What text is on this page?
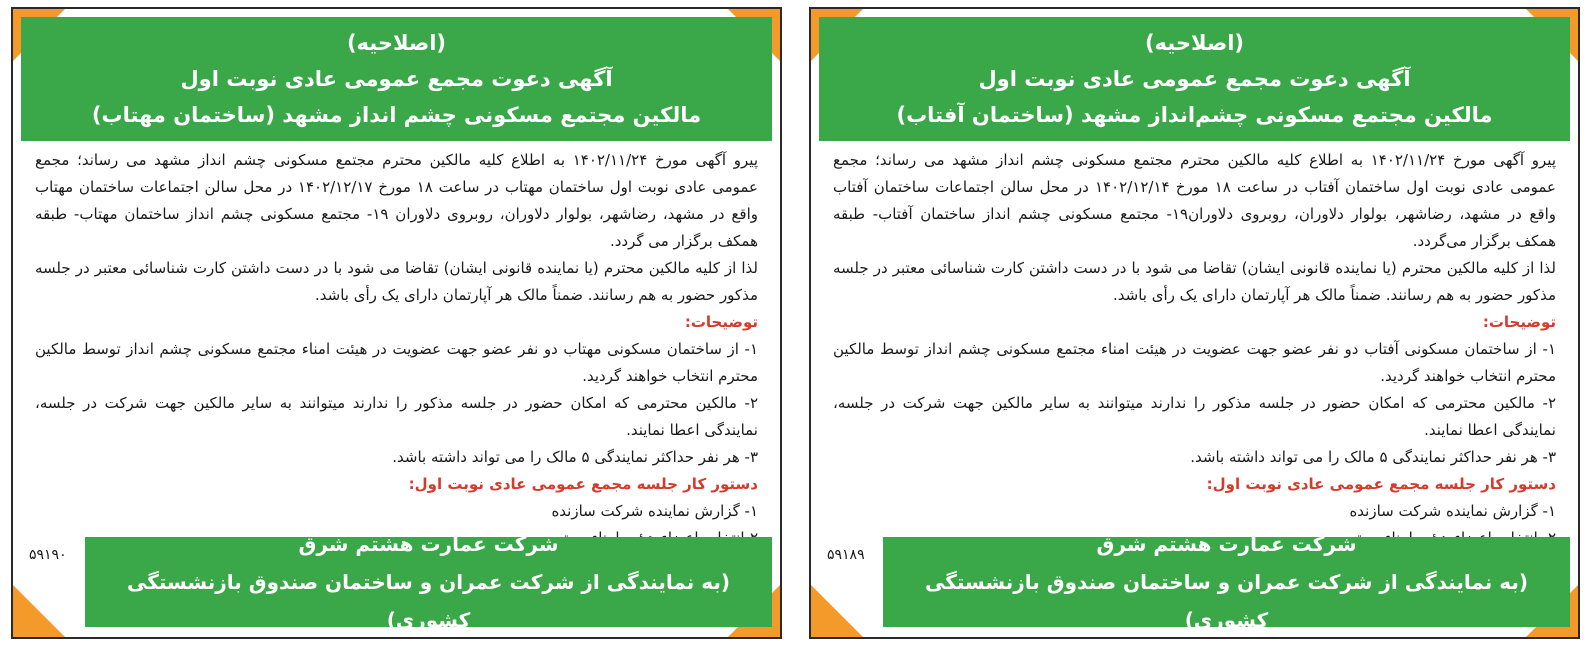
(اصلاحیه)
آگهی دعوت مجمع عمومی عادی نوبت اول
مالکین مجتمع مسکونی چشم انداز مشهد (ساختمان مهتاب)

پیرو آگهی مورخ ۱۴۰۲/۱۱/۲۴ به اطلاع کلیه مالکین محترم مجتمع مسکونی چشم انداز مشهد می رساند؛ مجمع عمومی عادی نوبت اول ساختمان مهتاب در ساعت ۱۸ مورخ ۱۴۰۲/۱۲/۱۷ در محل سالن اجتماعات ساختمان مهتاب واقع در مشهد، رضاشهر، بولوار دلاوران، روبروی دلاوران ۱۹- مجتمع مسکونی چشم انداز ساختمان مهتاب- طبقه همکف برگزار می گردد.

لذا از کلیه مالکین محترم (یا نماینده قانونی ایشان) تقاضا می شود با در دست داشتن کارت شناسائی معتبر در جلسه مذکور حضور به هم رسانند. ضمناً مالک هر آپارتمان دارای یک رأی باشد.

توضیحات:

۱- از ساختمان مسکونی مهتاب دو نفر عضو جهت عضویت در هیئت امناء مجتمع مسکونی چشم انداز توسط مالکین محترم انتخاب خواهند گردید.

۲- مالکین محترمی که امکان حضور در جلسه مذکور را ندارند میتوانند به سایر مالکین جهت شرکت در جلسه، نمایندگی اعطا نمایند.

۳- هر نفر حداکثر نمایندگی ۵ مالک را می تواند داشته باشد.

دستور کار جلسه مجمع عمومی عادی نوبت اول:

۱- گزارش نماینده شرکت سازنده

۵۹۱۹۰	شرکت عمارت هشتم شرق
(به نمایندگی از شرکت عمران و ساختمان صندوق بازنشستگی کشوری)
(اصلاحیه)
آگهی دعوت مجمع عمومی عادی نوبت اول
مالکین مجتمع مسکونی چشم‌انداز مشهد (ساختمان آفتاب)

پیرو آگهی مورخ ۱۴۰۲/۱۱/۲۴ به اطلاع کلیه مالکین محترم مجتمع مسکونی چشم انداز مشهد می رساند؛ مجمع عمومی عادی نوبت اول ساختمان آفتاب در ساعت ۱۸ مورخ ۱۴۰۲/۱۲/۱۴ در محل سالن اجتماعات ساختمان آفتاب واقع در مشهد، رضاشهر، بولوار دلاوران، روبروی دلاوران۱۹- مجتمع مسکونی چشم انداز ساختمان آفتاب- طبقه همکف برگزار می‌گردد.

لذا از کلیه مالکین محترم (یا نماینده قانونی ایشان) تقاضا می شود با در دست داشتن کارت شناسائی معتبر در جلسه مذکور حضور به هم رسانند. ضمناً مالک هر آپارتمان دارای یک رأی باشد.

توضیحات:

۱- از ساختمان مسکونی آفتاب دو نفر عضو جهت عضویت در هیئت امناء مجتمع مسکونی چشم انداز توسط مالکین محترم انتخاب خواهند گردید.

۲- مالکین محترمی که امکان حضور در جلسه مذکور را ندارند میتوانند به سایر مالکین جهت شرکت در جلسه، نمایندگی اعطا نمایند.

۳- هر نفر حداکثر نمایندگی ۵ مالک را می تواند داشته باشد.

دستور کار جلسه مجمع عمومی عادی نوبت اول:

۱- گزارش نماینده شرکت سازنده

۵۹۱۸۹	شرکت عمارت هشتم شرق
(به نمایندگی از شرکت عمران و ساختمان صندوق بازنشستگی کشوری)
